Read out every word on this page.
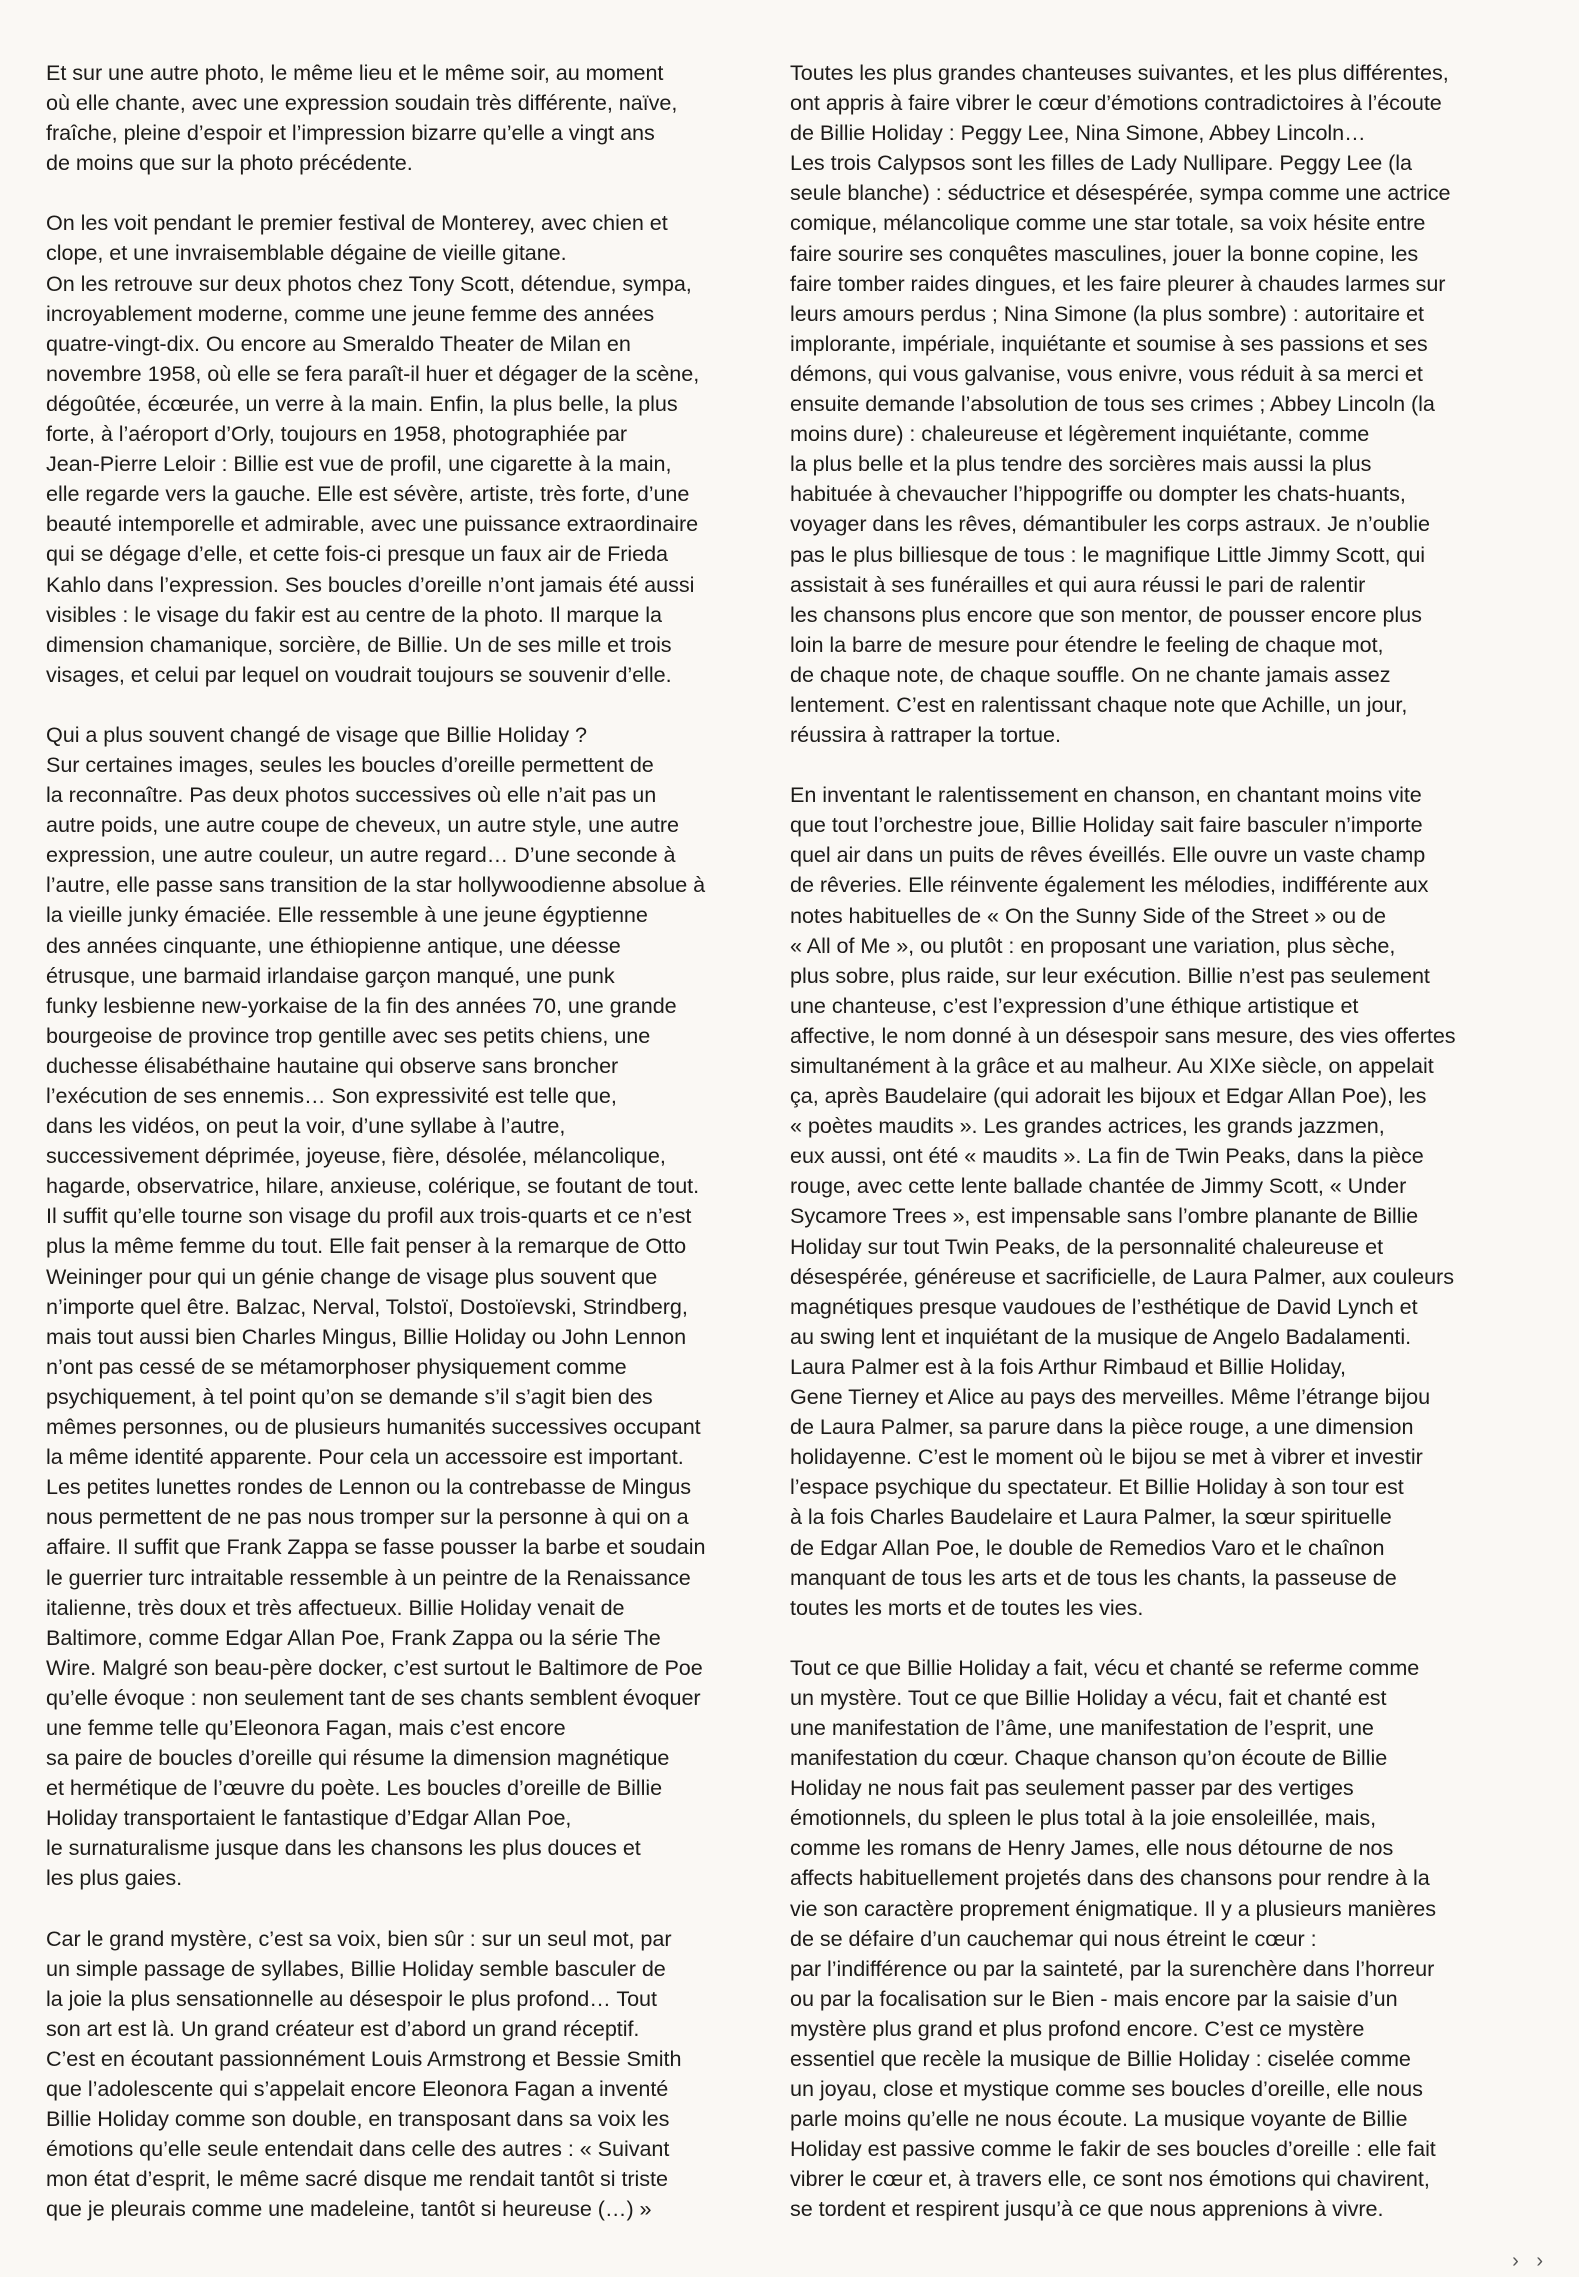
Et sur une autre photo, le même lieu et le même soir, au moment
où elle chante, avec une expression soudain très différente, naïve,
fraîche, pleine d’espoir et l’impression bizarre qu’elle a vingt ans
de moins que sur la photo précédente.

On les voit pendant le premier festival de Monterey, avec chien et
clope, et une invraisemblable dégaine de vieille gitane.
On les retrouve sur deux photos chez Tony Scott, détendue, sympa,
incroyablement moderne, comme une jeune femme des années
quatre-vingt-dix. Ou encore au Smeraldo Theater de Milan en
novembre 1958, où elle se fera paraît-il huer et dégager de la scène,
dégoûtée, écœurée, un verre à la main. Enfin, la plus belle, la plus
forte, à l’aéroport d’Orly, toujours en 1958, photographiée par
Jean-Pierre Leloir : Billie est vue de profil, une cigarette à la main,
elle regarde vers la gauche. Elle est sévère, artiste, très forte, d’une
beauté intemporelle et admirable, avec une puissance extraordinaire
qui se dégage d’elle, et cette fois-ci presque un faux air de Frieda
Kahlo dans l’expression. Ses boucles d’oreille n’ont jamais été aussi
visibles : le visage du fakir est au centre de la photo. Il marque la
dimension chamanique, sorcière, de Billie. Un de ses mille et trois
visages, et celui par lequel on voudrait toujours se souvenir d’elle.

Qui a plus souvent changé de visage que Billie Holiday ?
Sur certaines images, seules les boucles d’oreille permettent de
la reconnaître. Pas deux photos successives où elle n’ait pas un
autre poids, une autre coupe de cheveux, un autre style, une autre
expression, une autre couleur, un autre regard… D’une seconde à
l’autre, elle passe sans transition de la star hollywoodienne absolue à
la vieille junky émaciée. Elle ressemble à une jeune égyptienne
des années cinquante, une éthiopienne antique, une déesse
étrusque, une barmaid irlandaise garçon manqué, une punk
funky lesbienne new-yorkaise de la fin des années 70, une grande
bourgeoise de province trop gentille avec ses petits chiens, une
duchesse élisabéthaine hautaine qui observe sans broncher
l’exécution de ses ennemis… Son expressivité est telle que,
dans les vidéos, on peut la voir, d’une syllabe à l’autre,
successivement déprimée, joyeuse, fière, désolée, mélancolique,
hagarde, observatrice, hilare, anxieuse, colérique, se foutant de tout.
Il suffit qu’elle tourne son visage du profil aux trois-quarts et ce n’est
plus la même femme du tout. Elle fait penser à la remarque de Otto
Weininger pour qui un génie change de visage plus souvent que
n’importe quel être. Balzac, Nerval, Tolstoï, Dostoïevski, Strindberg,
mais tout aussi bien Charles Mingus, Billie Holiday ou John Lennon
n’ont pas cessé de se métamorphoser physiquement comme
psychiquement, à tel point qu’on se demande s’il s’agit bien des
mêmes personnes, ou de plusieurs humanités successives occupant
la même identité apparente. Pour cela un accessoire est important.
Les petites lunettes rondes de Lennon ou la contrebasse de Mingus
nous permettent de ne pas nous tromper sur la personne à qui on a
affaire. Il suffit que Frank Zappa se fasse pousser la barbe et soudain
le guerrier turc intraitable ressemble à un peintre de la Renaissance
italienne, très doux et très affectueux. Billie Holiday venait de
Baltimore, comme Edgar Allan Poe, Frank Zappa ou la série The
Wire. Malgré son beau-père docker, c’est surtout le Baltimore de Poe
qu’elle évoque : non seulement tant de ses chants semblent évoquer
une femme telle qu’Eleonora Fagan, mais c’est encore
sa paire de boucles d’oreille qui résume la dimension magnétique
et hermétique de l’œuvre du poète. Les boucles d’oreille de Billie
Holiday transportaient le fantastique d’Edgar Allan Poe,
le surnaturalisme jusque dans les chansons les plus douces et
les plus gaies.

Car le grand mystère, c’est sa voix, bien sûr : sur un seul mot, par
un simple passage de syllabes, Billie Holiday semble basculer de
la joie la plus sensationnelle au désespoir le plus profond… Tout
son art est là. Un grand créateur est d’abord un grand réceptif.
C’est en écoutant passionnément Louis Armstrong et Bessie Smith
que l’adolescente qui s’appelait encore Eleonora Fagan a inventé
Billie Holiday comme son double, en transposant dans sa voix les
émotions qu’elle seule entendait dans celle des autres : « Suivant
mon état d’esprit, le même sacré disque me rendait tantôt si triste
que je pleurais comme une madeleine, tantôt si heureuse (…) »

Toutes les plus grandes chanteuses suivantes, et les plus différentes,
ont appris à faire vibrer le cœur d’émotions contradictoires à l’écoute
de Billie Holiday : Peggy Lee, Nina Simone, Abbey Lincoln…
Les trois Calypsos sont les filles de Lady Nullipare. Peggy Lee (la
seule blanche) : séductrice et désespérée, sympa comme une actrice
comique, mélancolique comme une star totale, sa voix hésite entre
faire sourire ses conquêtes masculines, jouer la bonne copine, les
faire tomber raides dingues, et les faire pleurer à chaudes larmes sur
leurs amours perdus ; Nina Simone (la plus sombre) : autoritaire et
implorante, impériale, inquiétante et soumise à ses passions et ses
démons, qui vous galvanise, vous enivre, vous réduit à sa merci et
ensuite demande l’absolution de tous ses crimes ; Abbey Lincoln (la
moins dure) : chaleureuse et légèrement inquiétante, comme
la plus belle et la plus tendre des sorcières mais aussi la plus
habituée à chevaucher l’hippogriffe ou dompter les chats-huants,
voyager dans les rêves, démantibuler les corps astraux. Je n’oublie
pas le plus billiesque de tous : le magnifique Little Jimmy Scott, qui
assistait à ses funérailles et qui aura réussi le pari de ralentir
les chansons plus encore que son mentor, de pousser encore plus
loin la barre de mesure pour étendre le feeling de chaque mot,
de chaque note, de chaque souffle. On ne chante jamais assez
lentement. C’est en ralentissant chaque note que Achille, un jour,
réussira à rattraper la tortue.

En inventant le ralentissement en chanson, en chantant moins vite
que tout l’orchestre joue, Billie Holiday sait faire basculer n’importe
quel air dans un puits de rêves éveillés. Elle ouvre un vaste champ
de rêveries. Elle réinvente également les mélodies, indifférente aux
notes habituelles de « On the Sunny Side of the Street » ou de
« All of Me », ou plutôt : en proposant une variation, plus sèche,
plus sobre, plus raide, sur leur exécution. Billie n’est pas seulement
une chanteuse, c’est l’expression d’une éthique artistique et
affective, le nom donné à un désespoir sans mesure, des vies offertes
simultanément à la grâce et au malheur. Au XIXe siècle, on appelait
ça, après Baudelaire (qui adorait les bijoux et Edgar Allan Poe), les
« poètes maudits ». Les grandes actrices, les grands jazzmen,
eux aussi, ont été « maudits ». La fin de Twin Peaks, dans la pièce
rouge, avec cette lente ballade chantée de Jimmy Scott, « Under
Sycamore Trees », est impensable sans l’ombre planante de Billie
Holiday sur tout Twin Peaks, de la personnalité chaleureuse et
désespérée, généreuse et sacrificielle, de Laura Palmer, aux couleurs
magnétiques presque vaudoues de l’esthétique de David Lynch et
au swing lent et inquiétant de la musique de Angelo Badalamenti.
Laura Palmer est à la fois Arthur Rimbaud et Billie Holiday,
Gene Tierney et Alice au pays des merveilles. Même l’étrange bijou
de Laura Palmer, sa parure dans la pièce rouge, a une dimension
holidayenne. C’est le moment où le bijou se met à vibrer et investir
l’espace psychique du spectateur. Et Billie Holiday à son tour est
à la fois Charles Baudelaire et Laura Palmer, la sœur spirituelle
de Edgar Allan Poe, le double de Remedios Varo et le chaînon
manquant de tous les arts et de tous les chants, la passeuse de
toutes les morts et de toutes les vies.

Tout ce que Billie Holiday a fait, vécu et chanté se referme comme
un mystère. Tout ce que Billie Holiday a vécu, fait et chanté est
une manifestation de l’âme, une manifestation de l’esprit, une
manifestation du cœur. Chaque chanson qu’on écoute de Billie
Holiday ne nous fait pas seulement passer par des vertiges
émotionnels, du spleen le plus total à la joie ensoleillée, mais,
comme les romans de Henry James, elle nous détourne de nos
affects habituellement projetés dans des chansons pour rendre à la
vie son caractère proprement énigmatique. Il y a plusieurs manières
de se défaire d’un cauchemar qui nous étreint le cœur :
par l’indifférence ou par la sainteté, par la surenchère dans l’horreur
ou par la focalisation sur le Bien - mais encore par la saisie d’un
mystère plus grand et plus profond encore. C’est ce mystère
essentiel que recèle la musique de Billie Holiday : ciselée comme
un joyau, close et mystique comme ses boucles d’oreille, elle nous
parle moins qu’elle ne nous écoute. La musique voyante de Billie
Holiday est passive comme le fakir de ses boucles d’oreille : elle fait
vibrer le cœur et, à travers elle, ce sont nos émotions qui chavirent,
se tordent et respirent jusqu’à ce que nous apprenions à vivre.

› ›
